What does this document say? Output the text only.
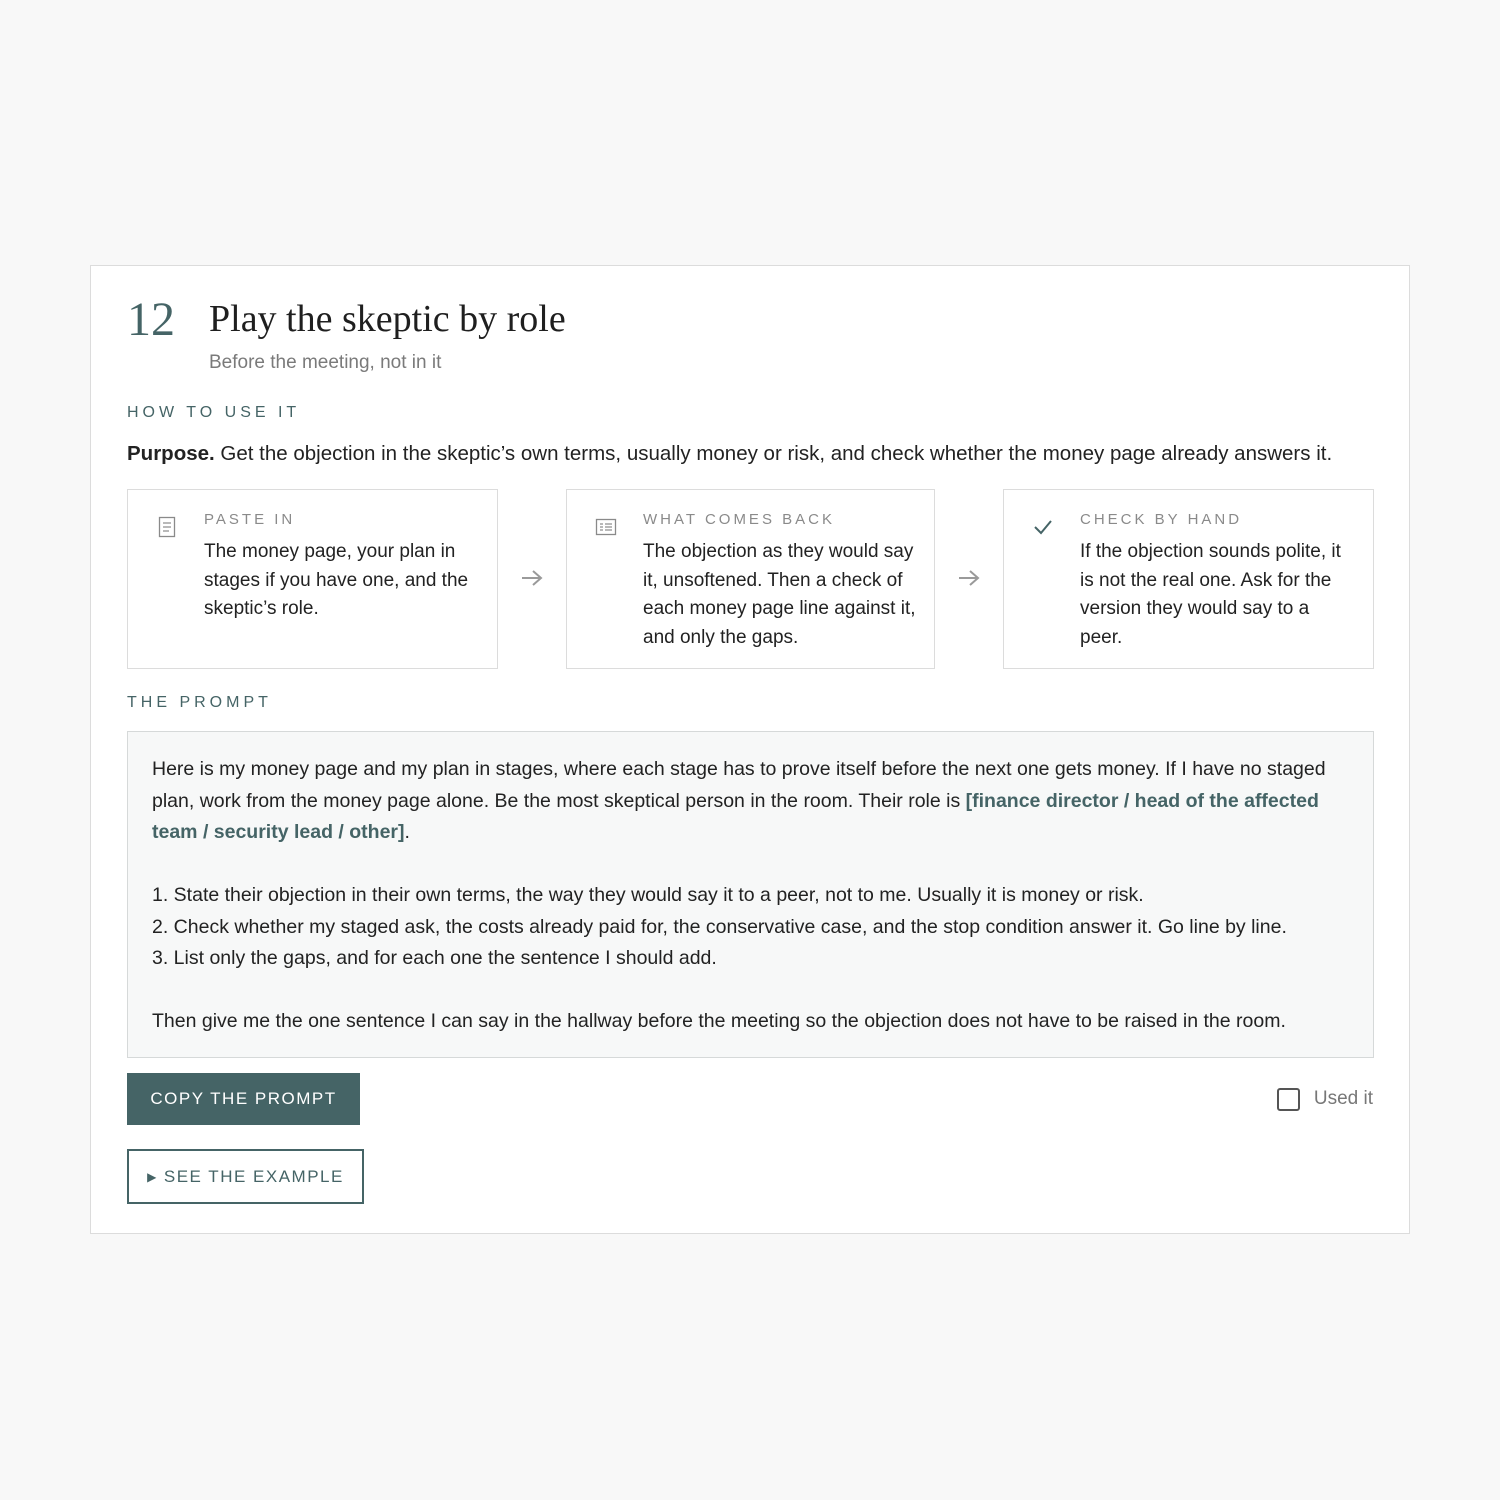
12 Play the skeptic by role
Before the meeting, not in it
HOW TO USE IT
Purpose. Get the objection in the skeptic’s own terms, usually money or risk, and check whether the money page already answers it.
PASTE IN
The money page, your plan in stages if you have one, and the skeptic’s role.
WHAT COMES BACK
The objection as they would say it, unsoftened. Then a check of each money page line against it, and only the gaps.
CHECK BY HAND
If the objection sounds polite, it is not the real one. Ask for the version they would say to a peer.
THE PROMPT

Here is my money page and my plan in stages, where each stage has to prove itself before the next one gets money. If I have no staged plan, work from the money page alone. Be the most skeptical person in the room. Their role is [finance director / head of the affected team / security lead / other].

1. State their objection in their own terms, the way they would say it to a peer, not to me. Usually it is money or risk.

2. Check whether my staged ask, the costs already paid for, the conservative case, and the stop condition answer it. Go line by line.

3. List only the gaps, and for each one the sentence I should add.

Then give me the one sentence I can say in the hallway before the meeting so the objection does not have to be raised in the room.

COPY THE PROMPT	Used it
▶ SEE THE EXAMPLE
